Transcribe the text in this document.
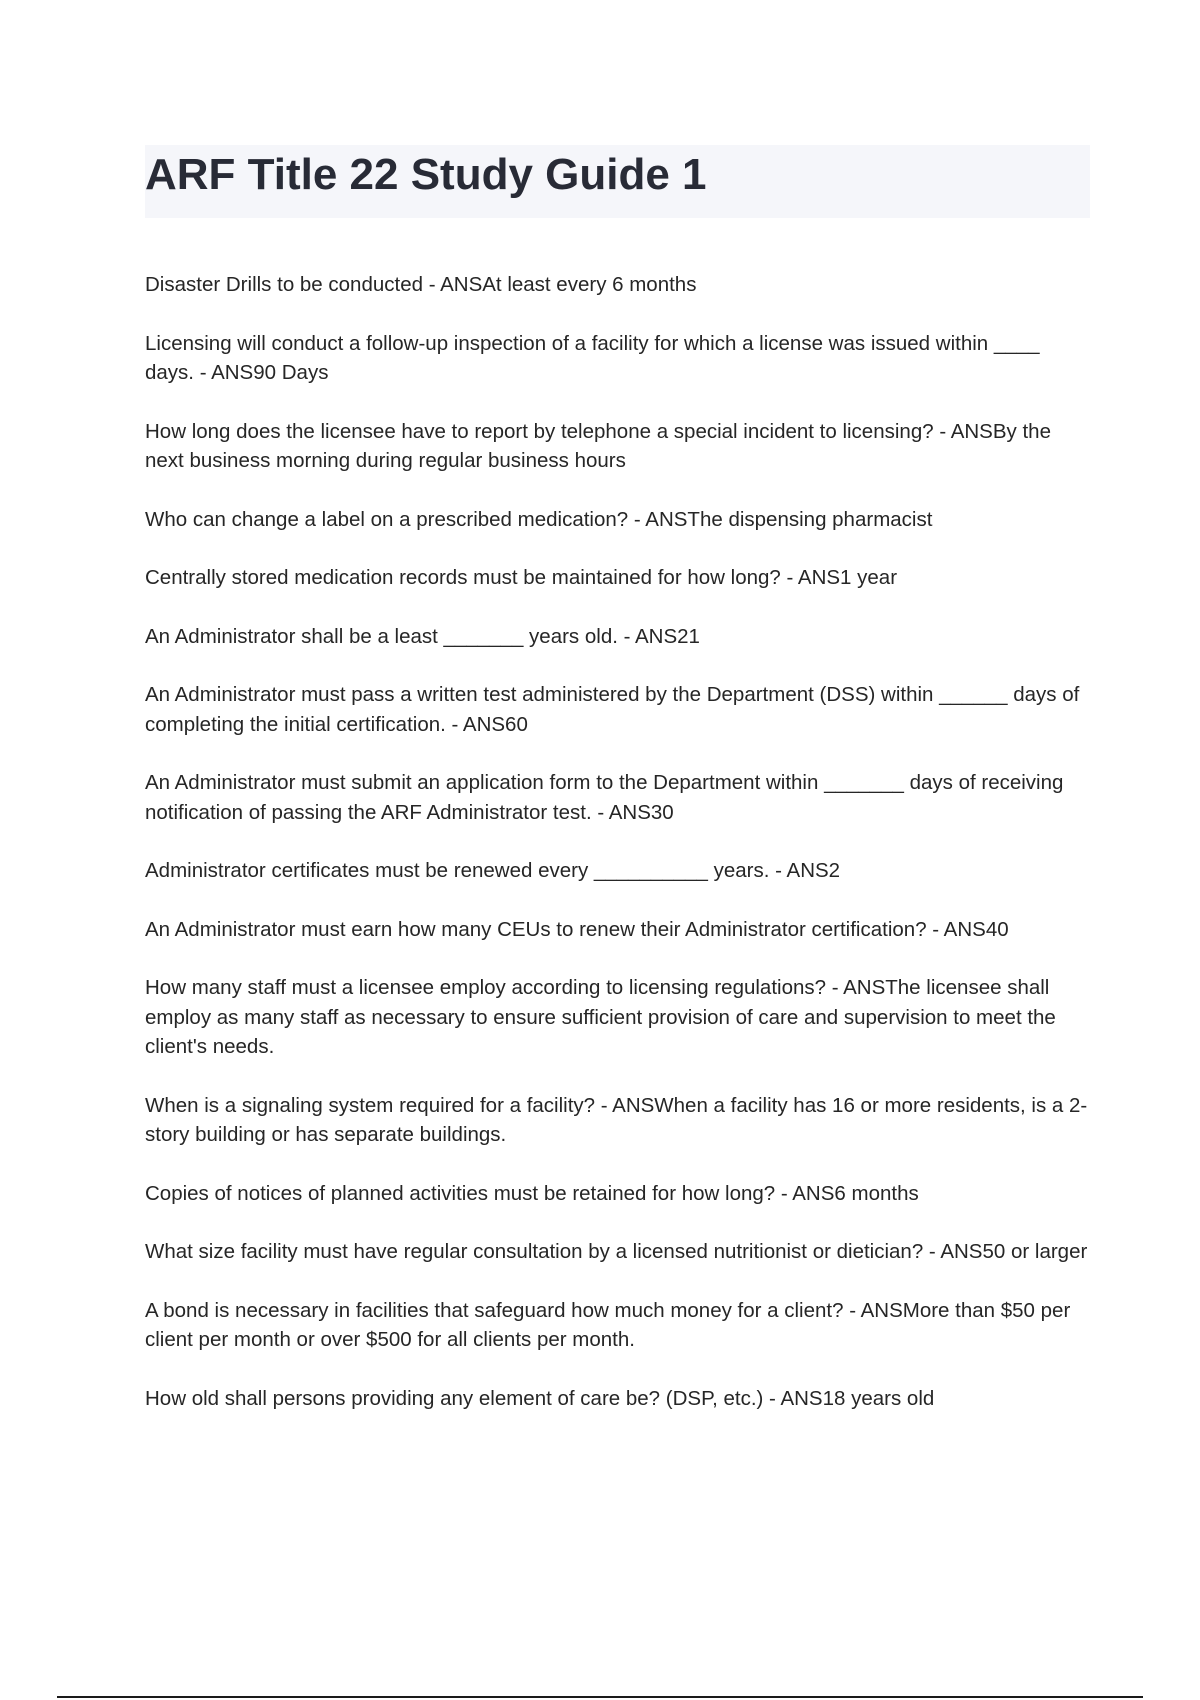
ARF Title 22 Study Guide 1

Disaster Drills to be conducted - ANSAt least every 6 months

Licensing will conduct a follow-up inspection of a facility for which a license was issued within ____ days. - ANS90 Days

How long does the licensee have to report by telephone a special incident to licensing? - ANSBy the next business morning during regular business hours

Who can change a label on a prescribed medication? - ANSThe dispensing pharmacist

Centrally stored medication records must be maintained for how long? - ANS1 year

An Administrator shall be a least _______ years old. - ANS21

An Administrator must pass a written test administered by the Department (DSS) within ______ days of completing the initial certification. - ANS60

An Administrator must submit an application form to the Department within _______ days of receiving notification of passing the ARF Administrator test. - ANS30

Administrator certificates must be renewed every __________ years. - ANS2

An Administrator must earn how many CEUs to renew their Administrator certification? - ANS40

How many staff must a licensee employ according to licensing regulations? - ANSThe licensee shall employ as many staff as necessary to ensure sufficient provision of care and supervision to meet the client's needs.

When is a signaling system required for a facility? - ANSWhen a facility has 16 or more residents, is a 2-story building or has separate buildings.

Copies of notices of planned activities must be retained for how long? - ANS6 months

What size facility must have regular consultation by a licensed nutritionist or dietician? - ANS50 or larger

A bond is necessary in facilities that safeguard how much money for a client? - ANSMore than $50 per client per month or over $500 for all clients per month.

How old shall persons providing any element of care be? (DSP, etc.) - ANS18 years old
